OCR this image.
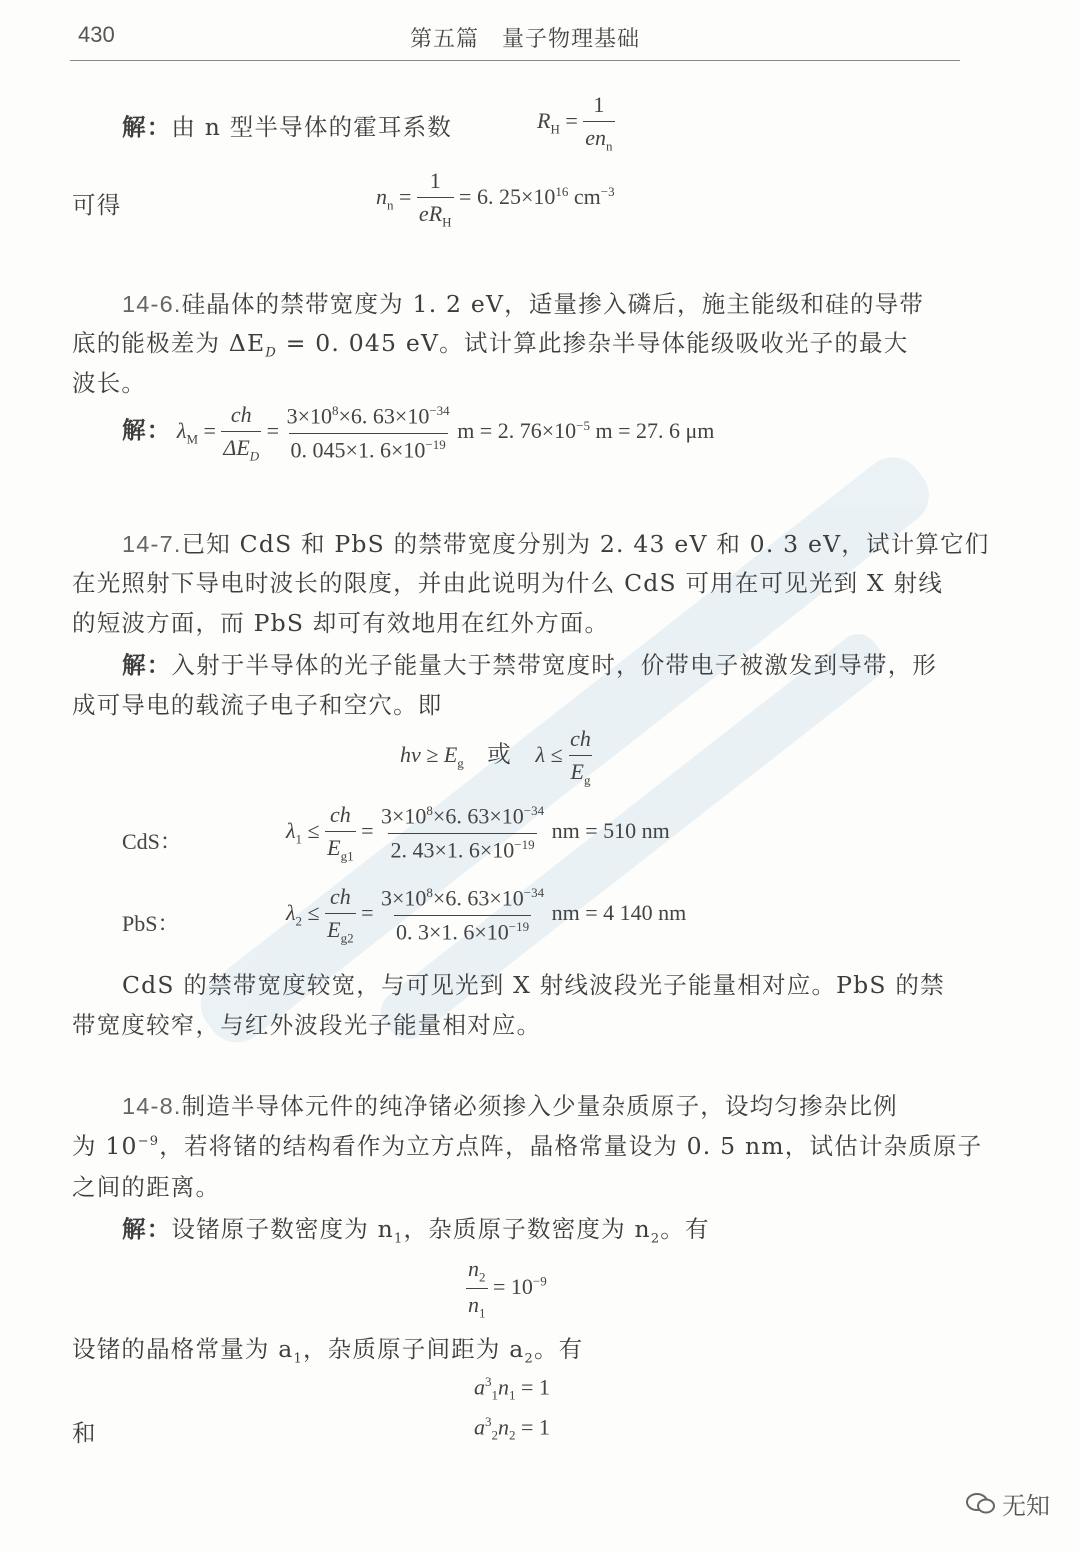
430	第五篇　量子物理基础
解：由 n 型半导体的霍耳系数	$R_H = \frac{1}{en_n}$
可得	$n_n = \frac{1}{eR_H} = 6$. $25\times 10^{16}$ $cm^{-3}$
14-6.硅晶体的禁带宽度为 1. 2 eV，适量掺入磷后，施主能级和硅的导带
底的能极差为 $\Delta E_D = 0$. 045 eV。试计算此掺杂半导体能级吸收光子的最大
波长。
解： $\lambda_M = \frac{ch}{\Delta E_D} = \frac{3\times 10^8\times 6. 63\times 10^{-34}}{0. 045\times 1. 6\times 10^{-19}}$ m = 2. $76\times 10^{-5}$ m = 27. 6 μm
14-7.已知 CdS 和 PbS 的禁带宽度分别为 2. 43 eV 和 0. 3 eV，试计算它们
在光照射下导电时波长的限度，并由此说明为什么 CdS 可用在可见光到 X 射线
的短波方面，而 PbS 却可有效地用在红外方面。
解：入射于半导体的光子能量大于禁带宽度时，价带电子被激发到导带，形
成可导电的载流子电子和空穴。即
$h\nu \ge E_g$ 或 $\lambda \le \frac{ch}{E_g}$
CdS：	$\lambda_1 \le \frac{ch}{E_{g1}} = \frac{3\times 10^8\times 6. 63\times 10^{-34}}{2. 43\times 1. 6\times 10^{-19}}$ nm = 510 nm
PbS：	$\lambda_2 \le \frac{ch}{E_{g2}} = \frac{3\times 10^8\times 6. 63\times 10^{-34}}{0. 3\times 1. 6\times 10^{-19}}$ nm = 4 140 nm
CdS 的禁带宽度较宽，与可见光到 X 射线波段光子能量相对应。PbS 的禁
带宽度较窄，与红外波段光子能量相对应。
14-8.制造半导体元件的纯净锗必须掺入少量杂质原子，设均匀掺杂比例
为 $10^{-9}$，若将锗的结构看作为立方点阵，晶格常量设为 0. 5 nm，试估计杂质原子
之间的距离。
解：设锗原子数密度为 $n_1$，杂质原子数密度为 $n_2$。有
$\frac{n_2}{n_1} = 10^{-9}$
设锗的晶格常量为 $a_1$，杂质原子间距为 $a_2$。有
$a^3_1n_1 = 1$
和	$a^3_2n_2 = 1$
无知
